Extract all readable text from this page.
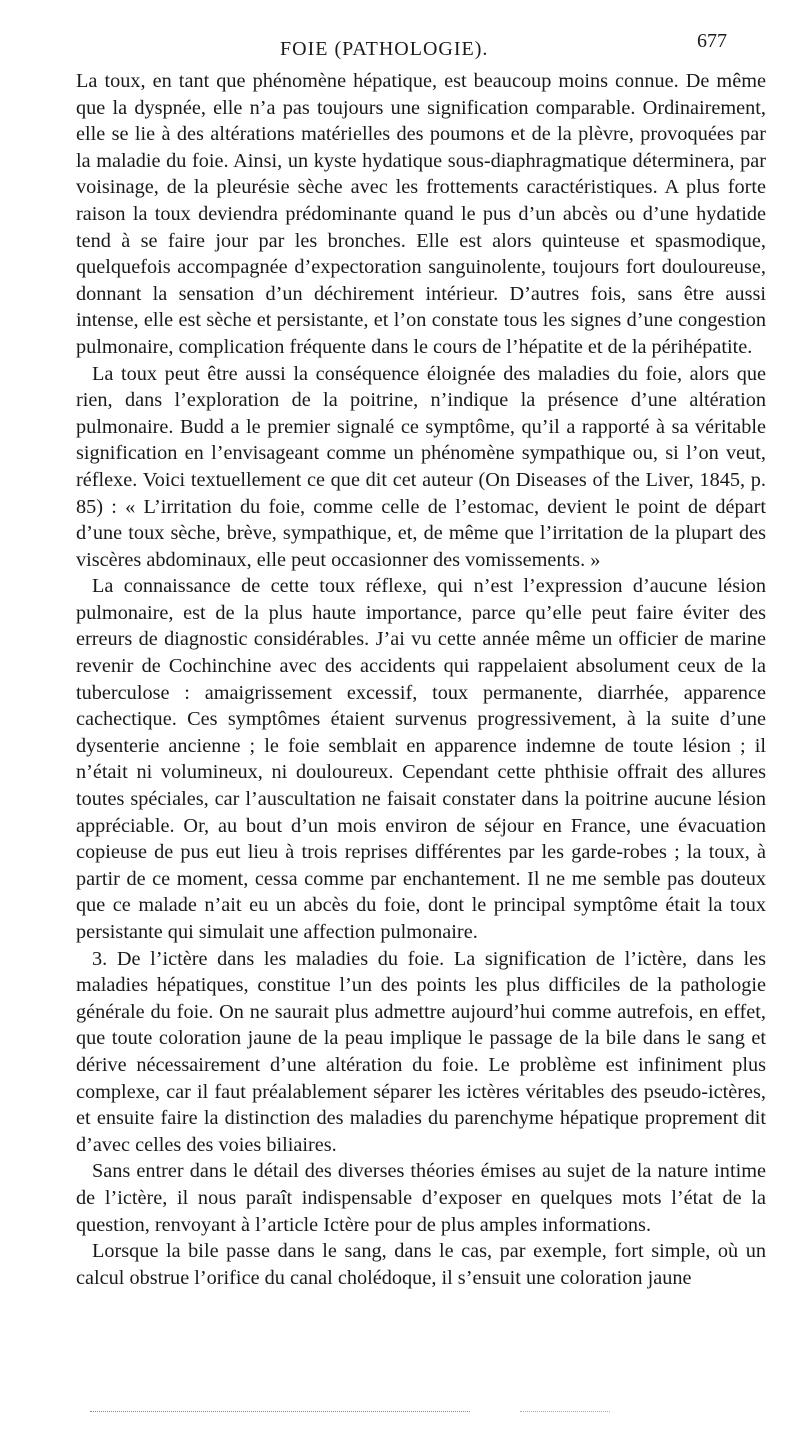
FOIE (PATHOLOGIE).	677

La toux, en tant que phénomène hépatique, est beaucoup moins connue. De même que la dyspnée, elle n’a pas toujours une signification comparable. Ordinairement, elle se lie à des altérations matérielles des poumons et de la plèvre, provoquées par la maladie du foie. Ainsi, un kyste hydatique sous-diaphragmatique déterminera, par voisinage, de la pleurésie sèche avec les frottements caractéristiques. A plus forte raison la toux deviendra prédominante quand le pus d’un abcès ou d’une hydatide tend à se faire jour par les bronches. Elle est alors quinteuse et spasmodique, quelquefois accompagnée d’expectoration sanguinolente, toujours fort douloureuse, donnant la sensation d’un déchirement intérieur. D’autres fois, sans être aussi intense, elle est sèche et persistante, et l’on constate tous les signes d’une congestion pulmonaire, complication fréquente dans le cours de l’hépatite et de la périhépatite.

La toux peut être aussi la conséquence éloignée des maladies du foie, alors que rien, dans l’exploration de la poitrine, n’indique la présence d’une altération pulmonaire. Budd a le premier signalé ce symptôme, qu’il a rapporté à sa véritable signification en l’envisageant comme un phénomène sympathique ou, si l’on veut, réflexe. Voici textuellement ce que dit cet auteur (On Diseases of the Liver, 1845, p. 85) : « L’irritation du foie, comme celle de l’estomac, devient le point de départ d’une toux sèche, brève, sympathique, et, de même que l’irritation de la plupart des viscères abdominaux, elle peut occasionner des vomissements. »

La connaissance de cette toux réflexe, qui n’est l’expression d’aucune lésion pulmonaire, est de la plus haute importance, parce qu’elle peut faire éviter des erreurs de diagnostic considérables. J’ai vu cette année même un officier de marine revenir de Cochinchine avec des accidents qui rappelaient absolument ceux de la tuberculose : amaigrissement excessif, toux permanente, diarrhée, apparence cachectique. Ces symptômes étaient survenus progressivement, à la suite d’une dysenterie ancienne ; le foie semblait en apparence indemne de toute lésion ; il n’était ni volumineux, ni douloureux. Cependant cette phthisie offrait des allures toutes spéciales, car l’auscultation ne faisait constater dans la poitrine aucune lésion appréciable. Or, au bout d’un mois environ de séjour en France, une évacuation copieuse de pus eut lieu à trois reprises différentes par les garde-robes ; la toux, à partir de ce moment, cessa comme par enchantement. Il ne me semble pas douteux que ce malade n’ait eu un abcès du foie, dont le principal symptôme était la toux persistante qui simulait une affection pulmonaire.

3. De l’ictère dans les maladies du foie. La signification de l’ictère, dans les maladies hépatiques, constitue l’un des points les plus difficiles de la pathologie générale du foie. On ne saurait plus admettre aujourd’hui comme autrefois, en effet, que toute coloration jaune de la peau implique le passage de la bile dans le sang et dérive nécessairement d’une altération du foie. Le problème est infiniment plus complexe, car il faut préalablement séparer les ictères véritables des pseudo-ictères, et ensuite faire la distinction des maladies du parenchyme hépatique proprement dit d’avec celles des voies biliaires.

Sans entrer dans le détail des diverses théories émises au sujet de la nature intime de l’ictère, il nous paraît indispensable d’exposer en quelques mots l’état de la question, renvoyant à l’article Ictère pour de plus amples informations.

Lorsque la bile passe dans le sang, dans le cas, par exemple, fort simple, où un calcul obstrue l’orifice du canal cholédoque, il s’ensuit une coloration jaune
